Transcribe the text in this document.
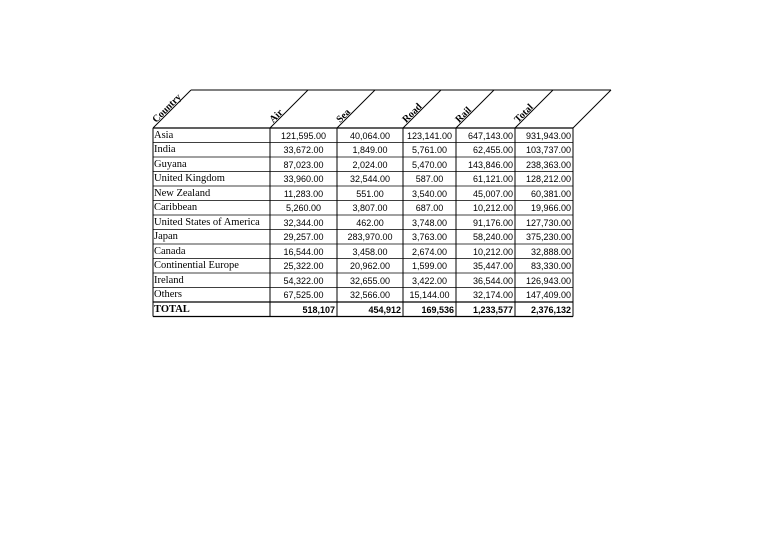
Country	Air	Sea	Road	Rail	Total
Asia	121,595.00	40,064.00	123,141.00	647,143.00	931,943.00
India	33,672.00	1,849.00	5,761.00	62,455.00	103,737.00
Guyana	87,023.00	2,024.00	5,470.00	143,846.00	238,363.00
United Kingdom	33,960.00	32,544.00	587.00	61,121.00	128,212.00
New Zealand	11,283.00	551.00	3,540.00	45,007.00	60,381.00
Caribbean	5,260.00	3,807.00	687.00	10,212.00	19,966.00
United States of America	32,344.00	462.00	3,748.00	91,176.00	127,730.00
Japan	29,257.00	283,970.00	3,763.00	58,240.00	375,230.00
Canada	16,544.00	3,458.00	2,674.00	10,212.00	32,888.00
Continential Europe	25,322.00	20,962.00	1,599.00	35,447.00	83,330.00
Ireland	54,322.00	32,655.00	3,422.00	36,544.00	126,943.00
Others	67,525.00	32,566.00	15,144.00	32,174.00	147,409.00
TOTAL	518,107	454,912	169,536	1,233,577	2,376,132
